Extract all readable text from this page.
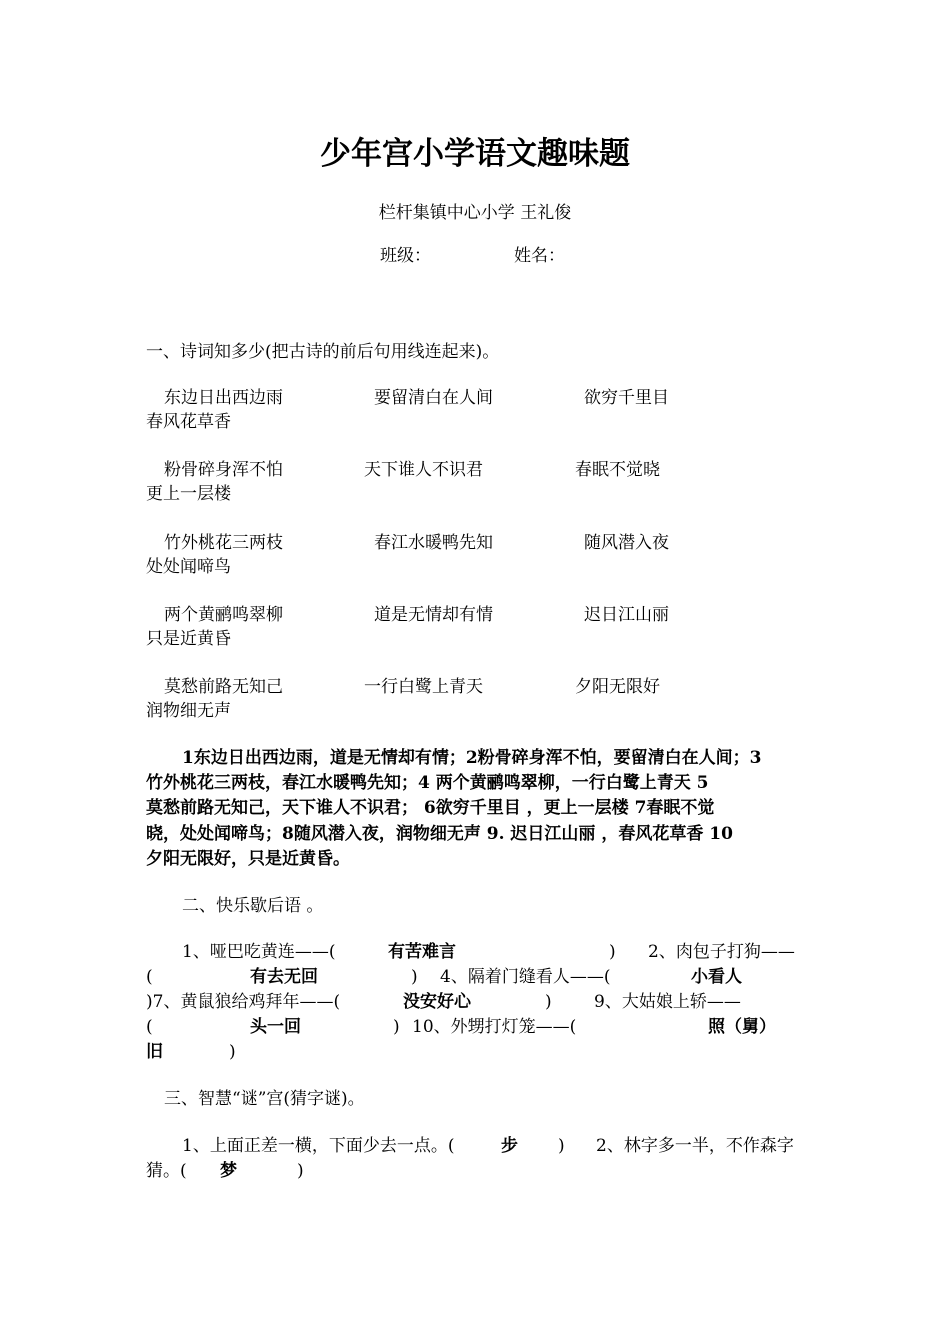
少年宫小学语文趣味题
栏杆集镇中心小学 王礼俊
班级：	姓名：
一、诗词知多少(把古诗的前后句用线连起来)。
东边日出西边雨	要留清白在人间	欲穷千里目
春风花草香
粉骨碎身浑不怕	天下谁人不识君	春眠不觉晓
更上一层楼
竹外桃花三两枝	春江水暖鸭先知	随风潜入夜
处处闻啼鸟
两个黄鹂鸣翠柳	道是无情却有情	迟日江山丽
只是近黄昏
莫愁前路无知己	一行白鹭上青天	夕阳无限好
润物细无声
1东边日出西边雨，道是无情却有情；2粉骨碎身浑不怕，要留清白在人间；3
竹外桃花三两枝，春江水暖鸭先知；4 两个黄鹂鸣翠柳，一行白鹭上青天 5
莫愁前路无知己，天下谁人不识君； 6欲穷千里目 ，更上一层楼 7春眠不觉
晓，处处闻啼鸟；8随风潜入夜，润物细无声 9. 迟日江山丽 ，春风花草香 10
夕阳无限好，只是近黄昏。
二、快乐歇后语 。
1、哑巴吃黄连——(	有苦难言	) 2、肉包子打狗——
(	有去无回	) 4、隔着门缝看人——(	小看人
)7、黄鼠狼给鸡拜年——(	没安好心	) 9、大姑娘上轿——
(	头一回	) 10、外甥打灯笼——(	照（舅）
旧	)
三、智慧“谜”宫(猜字谜)。
1、上面正差一横，下面少去一点。(	步 ) 2、林字多一半，不作森字
猜。( 梦	)
